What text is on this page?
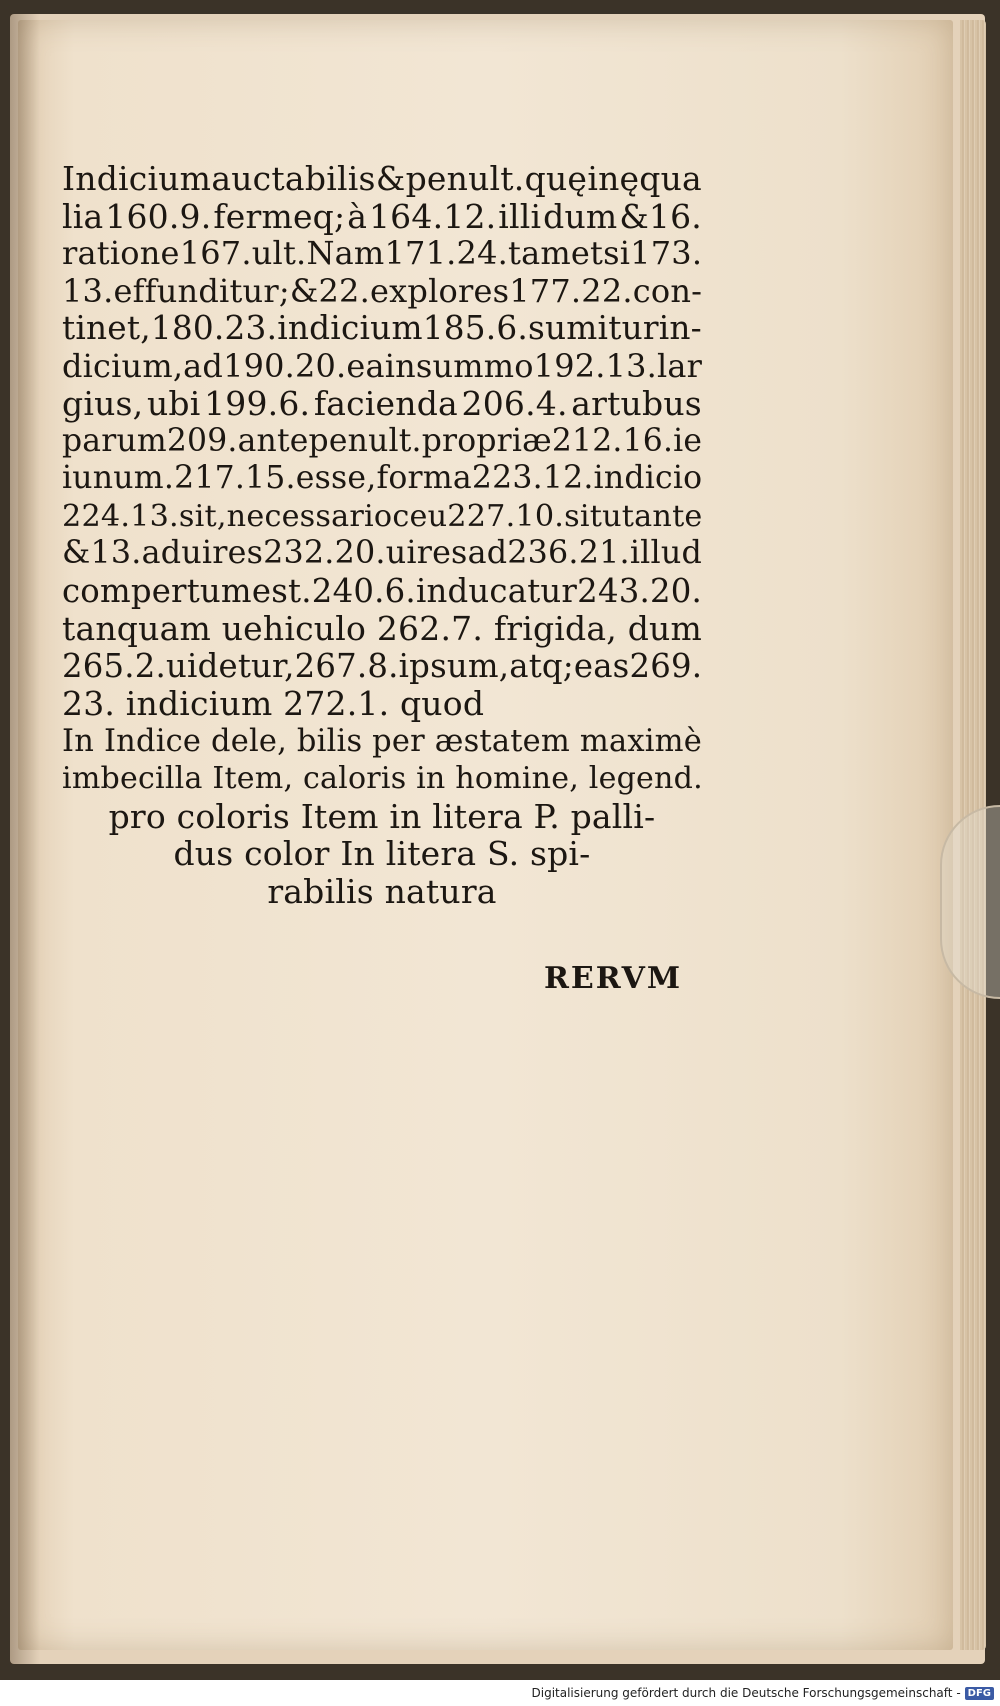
Indicium aucta bilis & penult. quę inęqua
lia 160.9. fermeq; à 164.12. illi dum &16.
ratione 167. ult. Nam 171.24. tametsi 173.
13. effunditur; &22. explores 177.22. con-
tinet, 180.23. indicium 185.6. sumitur in-
dicium, ad 190.20. ea in summo 192.13. lar
gius, ubi 199.6. facienda 206.4. artubus
parum 209. antepenult. propriæ 212.16. ie
iunum. 217.15. esse, forma 223.12. indicio
224.13. sit, necessario ceu 227.10. sit ut ante
& 13. ad uires 232.20. uires ad 236.21. illud
compertum est. 240.6. inducatur 243.20.
tanquam uehiculo 262.7. frigida, dum
265.2. uidetur, 267.8. ipsum, atq; eas 269.
23. indicium 272.1. quod
In Indice dele, bilis per æstatem maximè
imbecilla Item, caloris in homine, legend.
pro coloris Item in litera P. palli-
dus color In litera S. spi-
rabilis natura
RERVM
Digitalisierung gefördert durch die Deutsche Forschungsgemeinschaft - DFG
